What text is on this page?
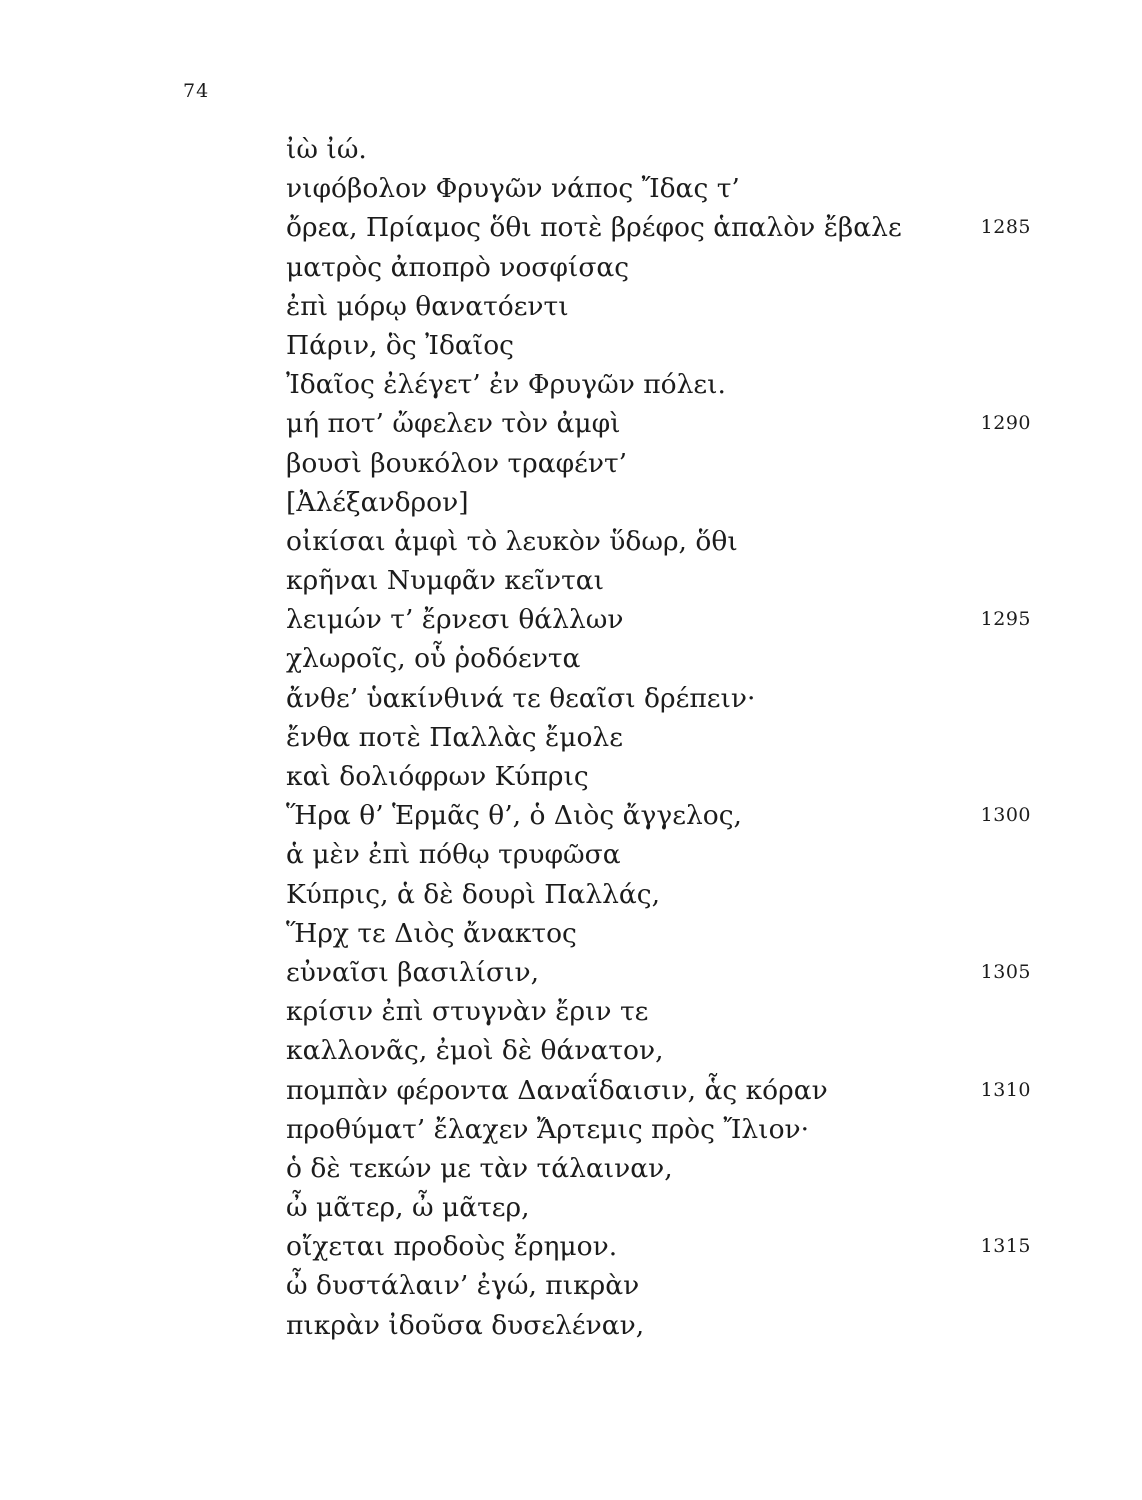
74
ἰὼ ἰώ.
νιφόβολον Φρυγῶν νάπος Ἴδας τ’
ὄρεα, Πρίαμος ὅθι ποτὲ βρέφος ἁπαλὸν ἔβαλε	1285
ματρὸς ἀποπρὸ νοσφίσας
ἐπὶ μόρῳ θανατόεντι
Πάριν, ὃς Ἰδαῖος
Ἰδαῖος ἐλέγετ’ ἐν Φρυγῶν πόλει.
μή ποτ’ ὤφελεν τὸν ἀμφὶ	1290
βουσὶ βουκόλον τραφέντ’
[Ἀλέξανδρον]
οἰκίσαι ἀμφὶ τὸ λευκὸν ὕδωρ, ὅθι
κρῆναι Νυμφᾶν κεῖνται
λειμών τ’ ἔρνεσι θάλλων	1295
χλωροῖς, οὗ ῥοδόεντα
ἄνθε’ ὑακίνθινά τε θεαῖσι δρέπειν·
ἔνθα ποτὲ Παλλὰς ἔμολε
καὶ δολιόφρων Κύπρις
Ἥρα θ’ Ἑρμᾶς θ’, ὁ Διὸς ἄγγελος,	1300
ἁ μὲν ἐπὶ πόθῳ τρυφῶσα
Κύπρις, ἁ δὲ δουρὶ Παλλάς,
Ἥρχ τε Διὸς ἄνακτος
εὐναῖσι βασιλίσιν,	1305
κρίσιν ἐπὶ στυγνὰν ἔριν τε
καλλονᾶς, ἐμοὶ δὲ θάνατον,
πομπὰν φέροντα Δαναΐδαισιν, ἇς κόραν	1310
προθύματ’ ἔλαχεν Ἄρτεμις πρὸς Ἴλιον·
ὁ δὲ τεκών με τὰν τάλαιναν,
ὦ μᾶτερ, ὦ μᾶτερ,
οἴχεται προδοὺς ἔρημον.	1315
ὦ δυστάλαιν’ ἐγώ, πικρὰν
πικρὰν ἰδοῦσα δυσελέναν,
